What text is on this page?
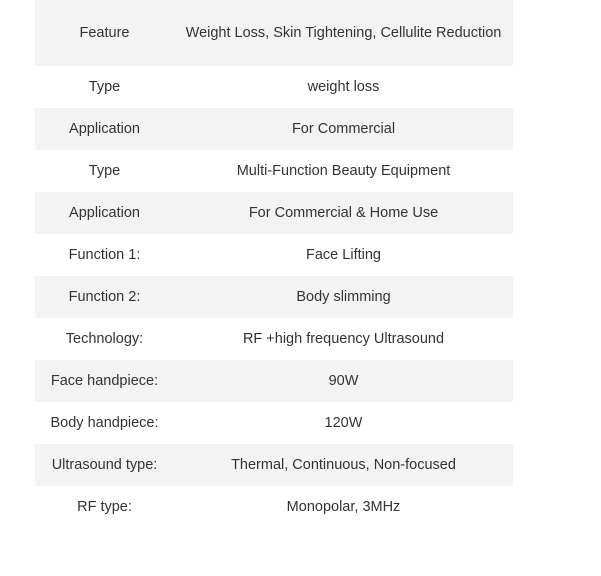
Feature	Weight Loss, Skin Tightening, Cellulite Reduction
Type	weight loss
Application	For Commercial
Type	Multi-Function Beauty Equipment
Application	For Commercial & Home Use
Function 1:	Face Lifting
Function 2:	Body slimming
Technology:	RF +high frequency Ultrasound
Face handpiece:	90W
Body handpiece:	120W
Ultrasound type:	Thermal, Continuous, Non-focused
RF type:	Monopolar, 3MHz
